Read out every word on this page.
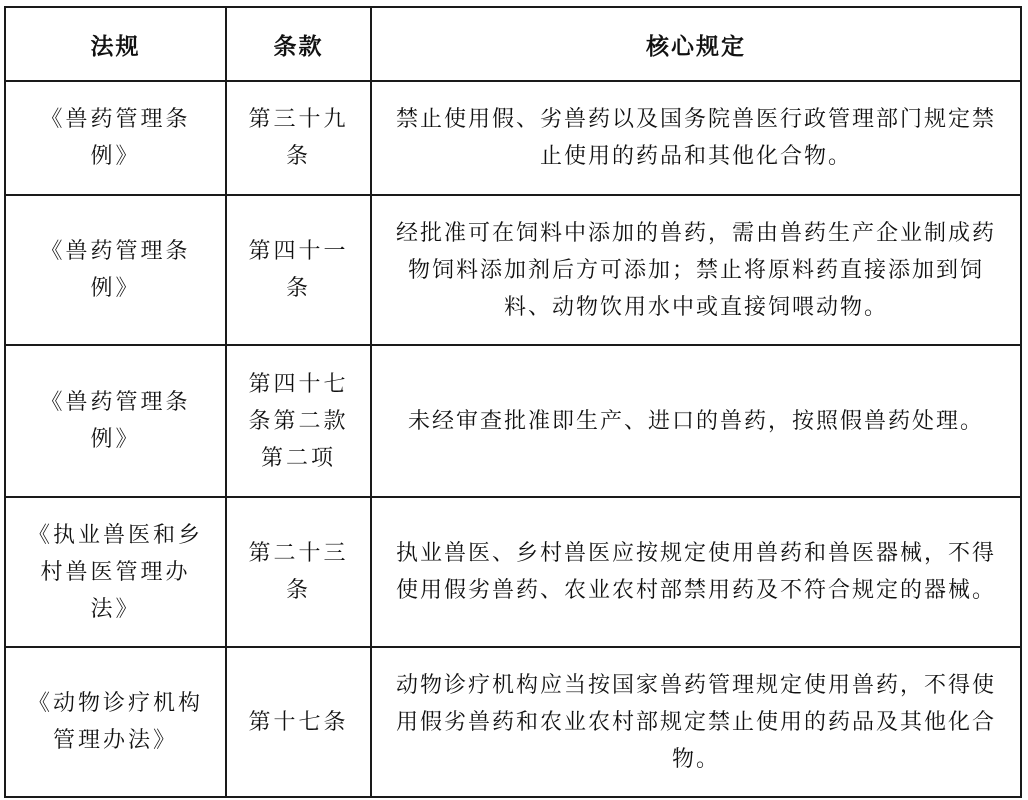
法规	条款	核心规定
《兽药管理条例》	第三十九条	禁止使用假、劣兽药以及国务院兽医行政管理部门规定禁止使用的药品和其他化合物。
《兽药管理条例》	第四十一条	经批准可在饲料中添加的兽药，需由兽药生产企业制成药物饲料添加剂后方可添加；禁止将原料药直接添加到饲料、动物饮用水中或直接饲喂动物。
《兽药管理条例》	第四十七条第二款第二项	未经审查批准即生产、进口的兽药，按照假兽药处理。
《执业兽医和乡村兽医管理办法》	第二十三条	执业兽医、乡村兽医应按规定使用兽药和兽医器械，不得使用假劣兽药、农业农村部禁用药及不符合规定的器械。
《动物诊疗机构管理办法》	第十七条	动物诊疗机构应当按国家兽药管理规定使用兽药，不得使用假劣兽药和农业农村部规定禁止使用的药品及其他化合物。
